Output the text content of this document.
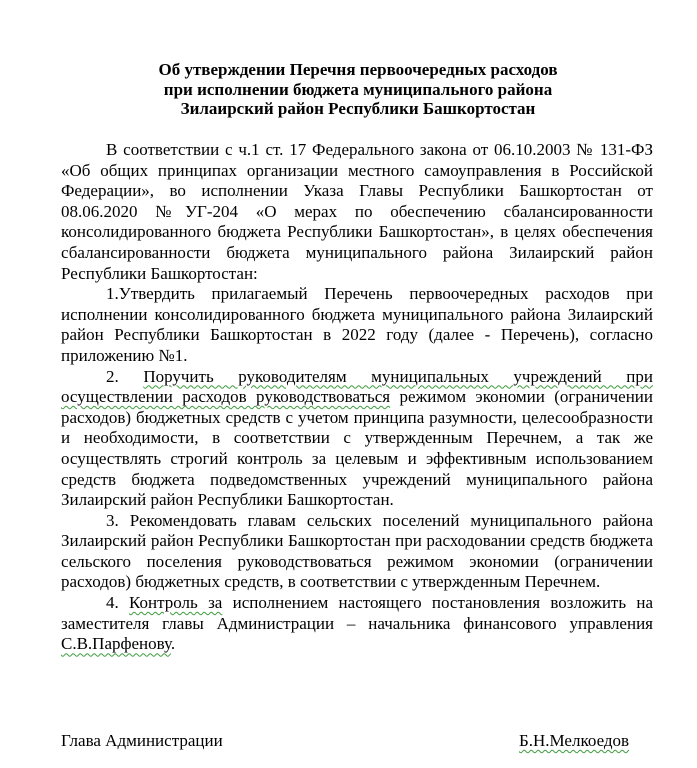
Об утверждении Перечня первоочередных расходов
при исполнении бюджета муниципального района
Зилаирский район Республики Башкортостан

В соответствии с ч.1 ст. 17 Федерального закона от 06.10.2003 № 131-ФЗ «Об общих принципах организации местного самоуправления в Российской Федерации», во исполнении Указа Главы Республики Башкортостан от 08.06.2020 №УГ-204 «О мерах по обеспечению сбалансированности консолидированного бюджета Республики Башкортостан», в целях обеспечения сбалансированности бюджета муниципального района Зилаирский район Республики Башкортостан:

1.Утвердить прилагаемый Перечень первоочередных расходов при исполнении консолидированного бюджета муниципального района Зилаирский район Республики Башкортостан в 2022 году (далее - Перечень), согласно приложению №1.

2. Поручить руководителям муниципальных учреждений при осуществлении расходов руководствоваться режимом экономии (ограничении расходов) бюджетных средств с учетом принципа разумности, целесообразности и необходимости, в соответствии с утвержденным Перечнем, а так же осуществлять строгий контроль за целевым и эффективным использованием средств бюджета подведомственных учреждений муниципального района Зилаирский район Республики Башкортостан.

3. Рекомендовать главам сельских поселений муниципального района Зилаирский район Республики Башкортостан при расходовании средств бюджета сельского поселения руководствоваться режимом экономии (ограничении расходов) бюджетных средств, в соответствии с утвержденным Перечнем.

4. Контроль за исполнением настоящего постановления возложить на заместителя главы Администрации – начальника финансового управления С.В.Парфенову.

Глава Администрации	Б.Н.Мелкоедов
